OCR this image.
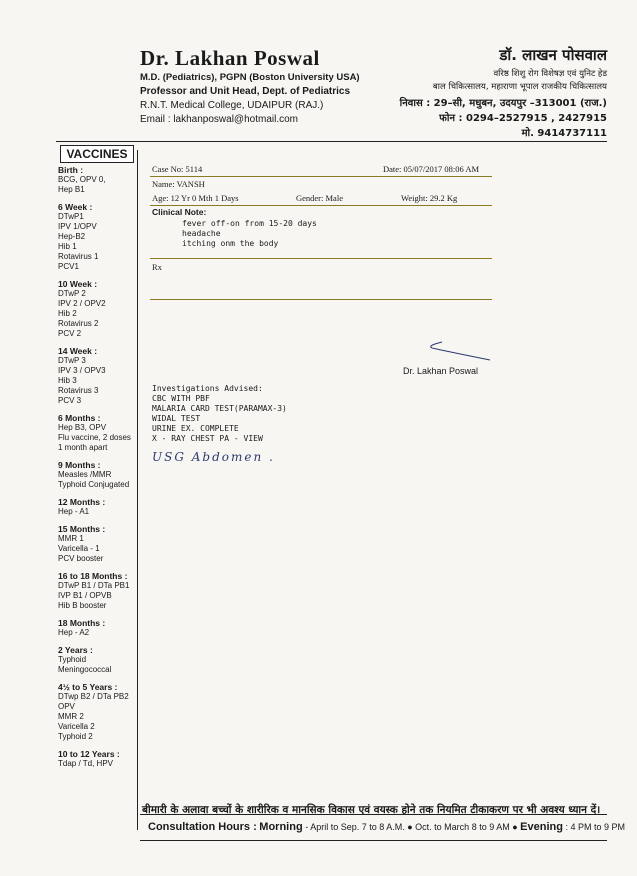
Dr. Lakhan Poswal
M.D. (Pediatrics), PGPN (Boston University USA)
Professor and Unit Head, Dept. of Pediatrics
R.N.T. Medical College, UDAIPUR (RAJ.)
Email : lakhanposwal@hotmail.com
डॉ. लाखन पोसवाल
वरिष्ठ शिशु रोग विशेषज्ञ एवं युनिट हेड
बाल चिकित्सालय, महाराणा भूपाल राजकीय चिकित्सालय
निवास : 29–सी, मधुबन, उदयपुर –313001 (राज.)
फोन : 0294–2527915 , 2427915
मो. 9414737111
VACCINES
Birth :
BCG, OPV 0,
Hep B1
6 Week :
DTwP1
IPV 1/OPV
Hep-B2
Hib 1
Rotavirus 1
PCV1
10 Week :
DTwP 2
IPV 2 / OPV2
Hib 2
Rotavirus 2
PCV 2
14 Week :
DTwP 3
IPV 3 / OPV3
Hib 3
Rotavirus 3
PCV 3
6 Months :
Hep B3, OPV
Flu vaccine, 2 doses
1 month apart
9 Months :
Measles /MMR
Typhoid Conjugated
12 Months :
Hep - A1
15 Months :
MMR 1
Varicella - 1
PCV booster
16 to 18 Months :
DTwP B1 / DTa PB1
IVP B1 / OPVB
Hib B booster
18 Months :
Hep - A2
2 Years :
Typhoid
Meningococcal
4½ to 5 Years :
DTwp B2 / DTa PB2
OPV
MMR 2
Varicella 2
Typhoid 2
10 to 12 Years :
Tdap / Td, HPV
Case No: 5114	Date: 05/07/2017 08:06 AM
Name: VANSH
Age: 12 Yr 0 Mth 1 Days	Gender: Male	Weight: 29.2 Kg
Clinical Note:
fever off-on from 15-20 days
headache
itching onm the body
Rx
Dr. Lakhan Poswal
Investigations Advised:
CBC WITH PBF
MALARIA CARD TEST(PARAMAX-3)
WIDAL TEST
URINE EX. COMPLETE
X - RAY CHEST PA - VIEW
USG Abdomen .
बीमारी के अलावा बच्चों के शारीरिक व मानसिक विकास एवं वयस्क होने तक नियमित टीकाकरण पर भी अवश्य ध्यान दें।
Consultation Hours : Morning - April to Sep. 7 to 8 A.M. ● Oct. to March 8 to 9 AM ● Evening : 4 PM to 9 PM
